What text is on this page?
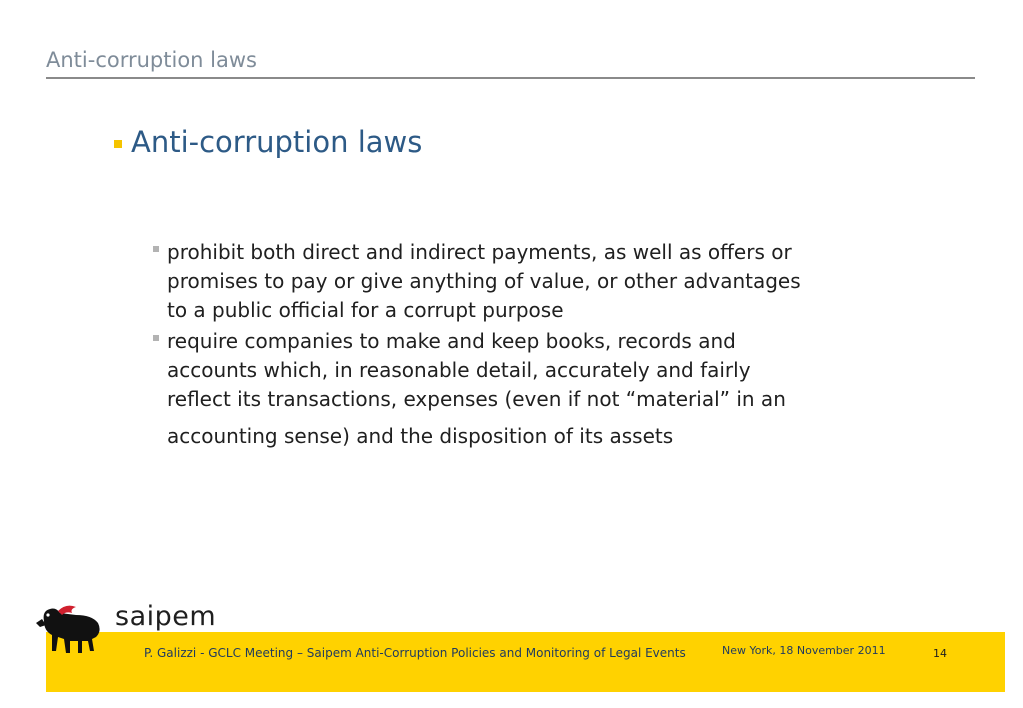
Anti-corruption laws
Anti-corruption laws
prohibit both direct and indirect payments, as well as offers or
promises to pay or give anything of value, or other advantages
to a public official for a corrupt purpose
require companies to make and keep books, records and
accounts which, in reasonable detail, accurately and fairly
reflect its transactions, expenses (even if not “material” in an
accounting sense) and the disposition of its assets
saipem
P. Galizzi - GCLC Meeting – Saipem Anti-Corruption Policies and Monitoring of Legal Events	New York, 18 November 2011	14
